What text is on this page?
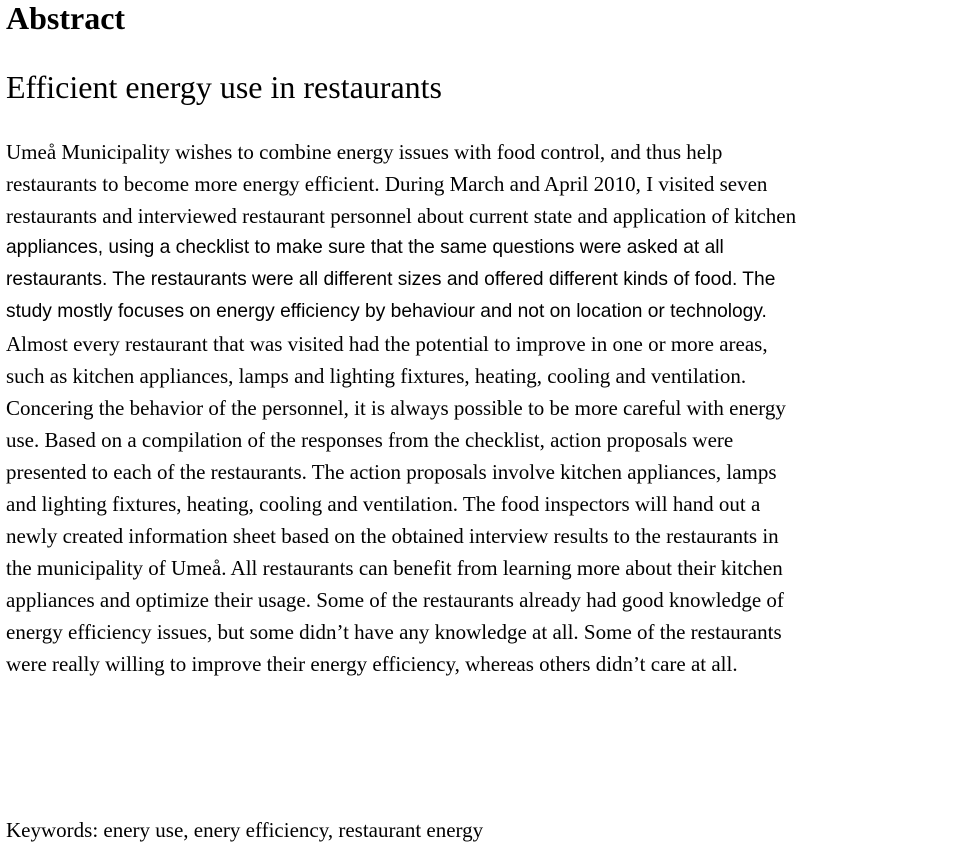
Abstract
Efficient energy use in restaurants
Umeå Municipality wishes to combine energy issues with food control, and thus help
restaurants to become more energy efficient. During March and April 2010, I visited seven
restaurants and interviewed restaurant personnel about current state and application of kitchen
appliances, using a checklist to make sure that the same questions were asked at all
restaurants. The restaurants were all different sizes and offered different kinds of food. The
study mostly focuses on energy efficiency by behaviour and not on location or technology.
Almost every restaurant that was visited had the potential to improve in one or more areas,
such as kitchen appliances, lamps and lighting fixtures, heating, cooling and ventilation.
Concering the behavior of the personnel, it is always possible to be more careful with energy
use. Based on a compilation of the responses from the checklist, action proposals were
presented to each of the restaurants. The action proposals involve kitchen appliances, lamps
and lighting fixtures, heating, cooling and ventilation. The food inspectors will hand out a
newly created information sheet based on the obtained interview results to the restaurants in
the municipality of Umeå. All restaurants can benefit from learning more about their kitchen
appliances and optimize their usage. Some of the restaurants already had good knowledge of
energy efficiency issues, but some didn’t have any knowledge at all. Some of the restaurants
were really willing to improve their energy efficiency, whereas others didn’t care at all.

Keywords: enery use, enery efficiency, restaurant energy
